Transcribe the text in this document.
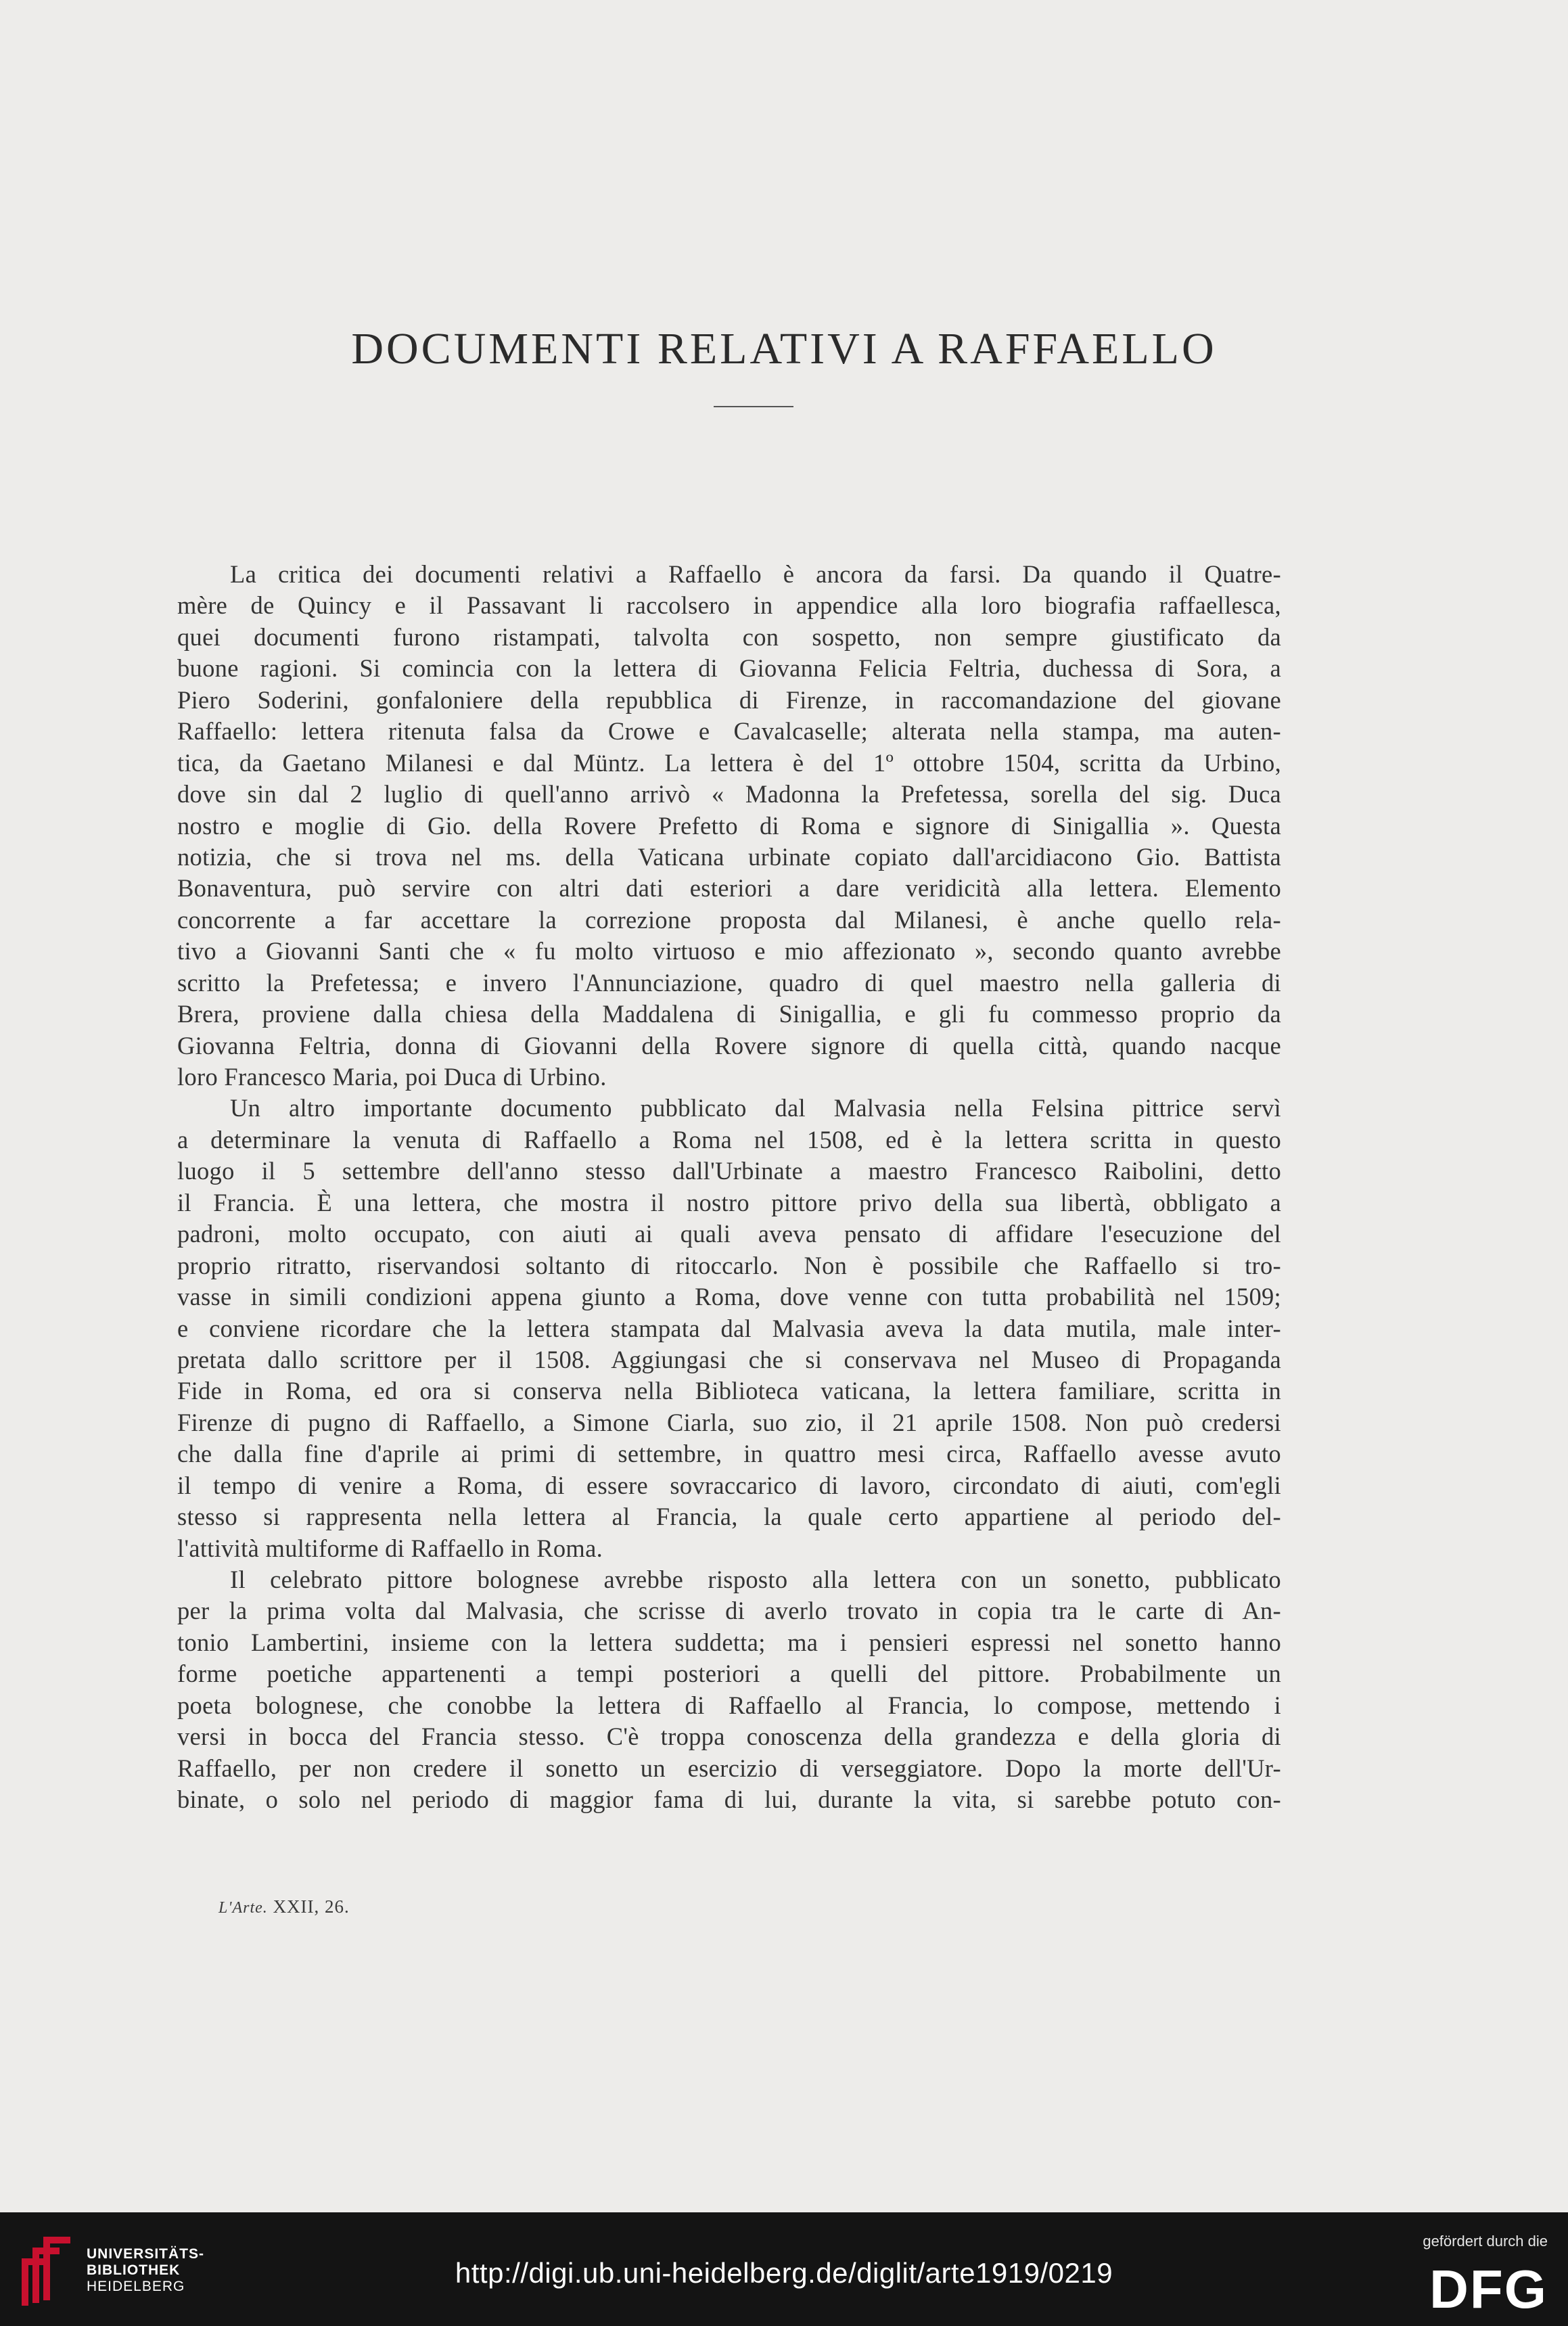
DOCUMENTI RELATIVI A RAFFAELLO
La critica dei documenti relativi a Raffaello è ancora da farsi. Da quando il Quatre-
mère de Quincy e il Passavant li raccolsero in appendice alla loro biografia raffaellesca,
quei documenti furono ristampati, talvolta con sospetto, non sempre giustificato da
buone ragioni. Si comincia con la lettera di Giovanna Felicia Feltria, duchessa di Sora, a
Piero Soderini, gonfaloniere della repubblica di Firenze, in raccomandazione del giovane
Raffaello: lettera ritenuta falsa da Crowe e Cavalcaselle; alterata nella stampa, ma auten-
tica, da Gaetano Milanesi e dal Müntz. La lettera è del 1º ottobre 1504, scritta da Urbino,
dove sin dal 2 luglio di quell'anno arrivò « Madonna la Prefetessa, sorella del sig. Duca
nostro e moglie di Gio. della Rovere Prefetto di Roma e signore di Sinigallia ». Questa
notizia, che si trova nel ms. della Vaticana urbinate copiato dall'arcidiacono Gio. Battista
Bonaventura, può servire con altri dati esteriori a dare veridicità alla lettera. Elemento
concorrente a far accettare la correzione proposta dal Milanesi, è anche quello rela-
tivo a Giovanni Santi che « fu molto virtuoso e mio affezionato », secondo quanto avrebbe
scritto la Prefetessa; e invero l'Annunciazione, quadro di quel maestro nella galleria di
Brera, proviene dalla chiesa della Maddalena di Sinigallia, e gli fu commesso proprio da
Giovanna Feltria, donna di Giovanni della Rovere signore di quella città, quando nacque
loro Francesco Maria, poi Duca di Urbino.
Un altro importante documento pubblicato dal Malvasia nella Felsina pittrice servì
a determinare la venuta di Raffaello a Roma nel 1508, ed è la lettera scritta in questo
luogo il 5 settembre dell'anno stesso dall'Urbinate a maestro Francesco Raibolini, detto
il Francia. È una lettera, che mostra il nostro pittore privo della sua libertà, obbligato a
padroni, molto occupato, con aiuti ai quali aveva pensato di affidare l'esecuzione del
proprio ritratto, riservandosi soltanto di ritoccarlo. Non è possibile che Raffaello si tro-
vasse in simili condizioni appena giunto a Roma, dove venne con tutta probabilità nel 1509;
e conviene ricordare che la lettera stampata dal Malvasia aveva la data mutila, male inter-
pretata dallo scrittore per il 1508. Aggiungasi che si conservava nel Museo di Propaganda
Fide in Roma, ed ora si conserva nella Biblioteca vaticana, la lettera familiare, scritta in
Firenze di pugno di Raffaello, a Simone Ciarla, suo zio, il 21 aprile 1508. Non può credersi
che dalla fine d'aprile ai primi di settembre, in quattro mesi circa, Raffaello avesse avuto
il tempo di venire a Roma, di essere sovraccarico di lavoro, circondato di aiuti, com'egli
stesso si rappresenta nella lettera al Francia, la quale certo appartiene al periodo del-
l'attività multiforme di Raffaello in Roma.
Il celebrato pittore bolognese avrebbe risposto alla lettera con un sonetto, pubblicato
per la prima volta dal Malvasia, che scrisse di averlo trovato in copia tra le carte di An-
tonio Lambertini, insieme con la lettera suddetta; ma i pensieri espressi nel sonetto hanno
forme poetiche appartenenti a tempi posteriori a quelli del pittore. Probabilmente un
poeta bolognese, che conobbe la lettera di Raffaello al Francia, lo compose, mettendo i
versi in bocca del Francia stesso. C'è troppa conoscenza della grandezza e della gloria di
Raffaello, per non credere il sonetto un esercizio di verseggiatore. Dopo la morte dell'Ur-
binate, o solo nel periodo di maggior fama di lui, durante la vita, si sarebbe potuto con-
L'Arte. XXII, 26.
UNIVERSITÄTS-
BIBLIOTHEK
HEIDELBERG	http://digi.ub.uni-heidelberg.de/diglit/arte1919/0219
gefördert durch die
DFG
